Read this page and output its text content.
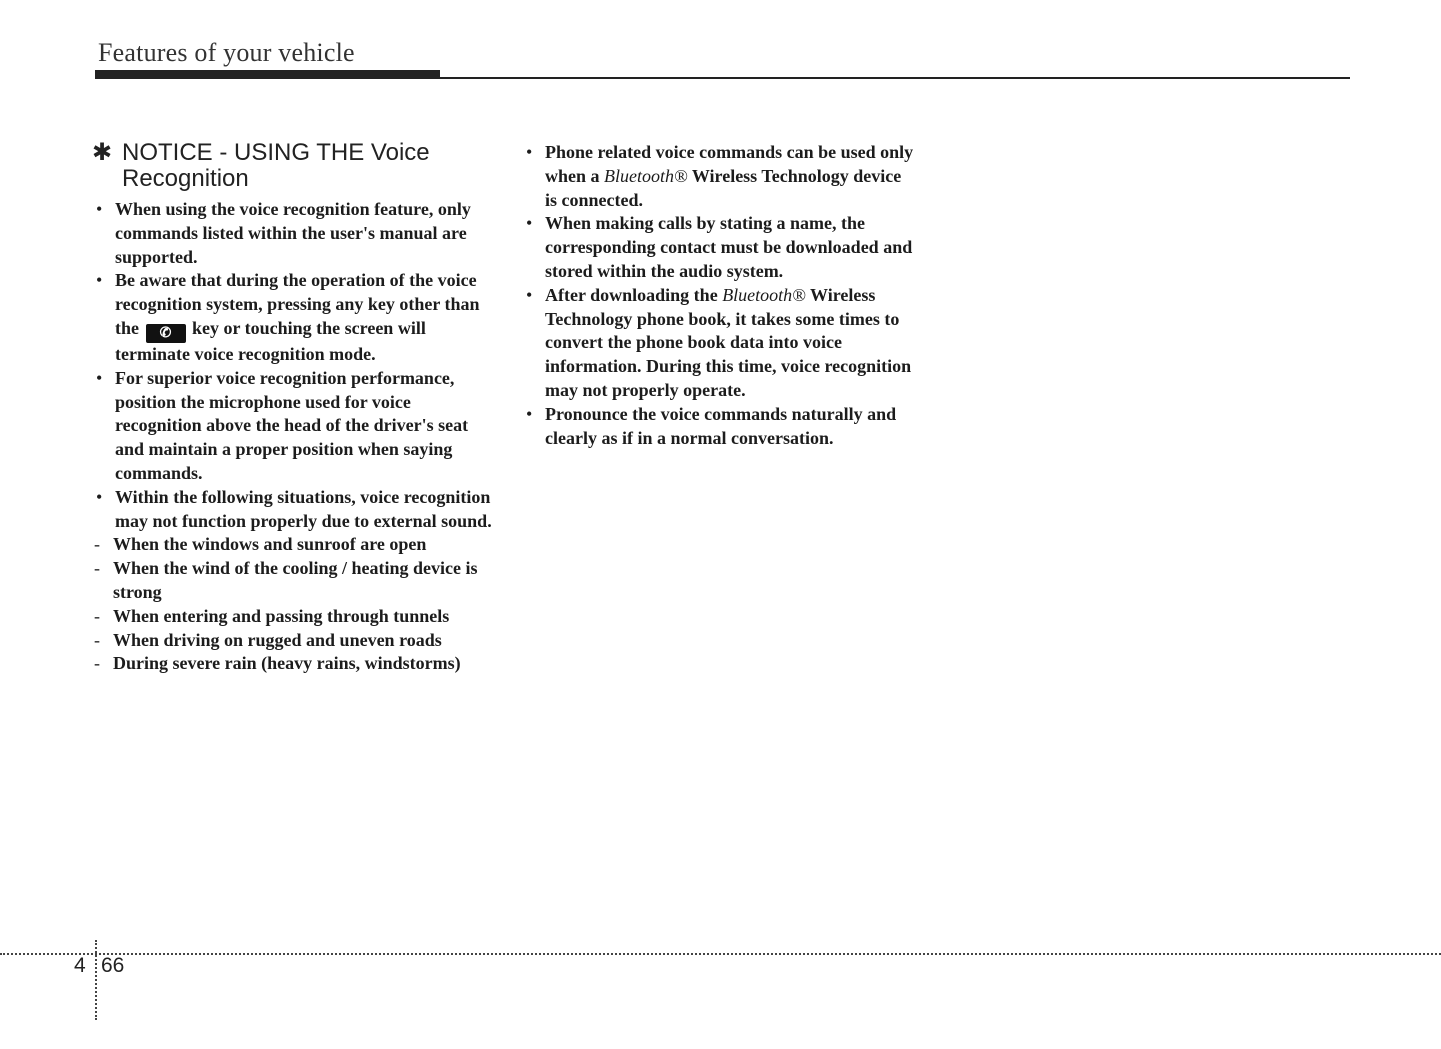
Features of your vehicle
✱ NOTICE - USING THE Voice Recognition
• When using the voice recognition feature, only commands listed within the user's manual are supported.
• Be aware that during the operation of the voice recognition system, pressing any key other than the ✆ key or touching the screen will terminate voice recognition mode.
• For superior voice recognition performance, position the microphone used for voice recognition above the head of the driver's seat and maintain a proper position when saying commands.
• Within the following situations, voice recognition may not function properly due to external sound.
- When the windows and sunroof are open
- When the wind of the cooling / heating device is strong
- When entering and passing through tunnels
- When driving on rugged and uneven roads
- During severe rain (heavy rains, windstorms)
• Phone related voice commands can be used only when a Bluetooth® Wireless Technology device is connected.
• When making calls by stating a name, the corresponding contact must be downloaded and stored within the audio system.
• After downloading the Bluetooth® Wireless Technology phone book, it takes some times to convert the phone book data into voice information. During this time, voice recognition may not properly operate.
• Pronounce the voice commands naturally and clearly as if in a normal conversation.
4 66
